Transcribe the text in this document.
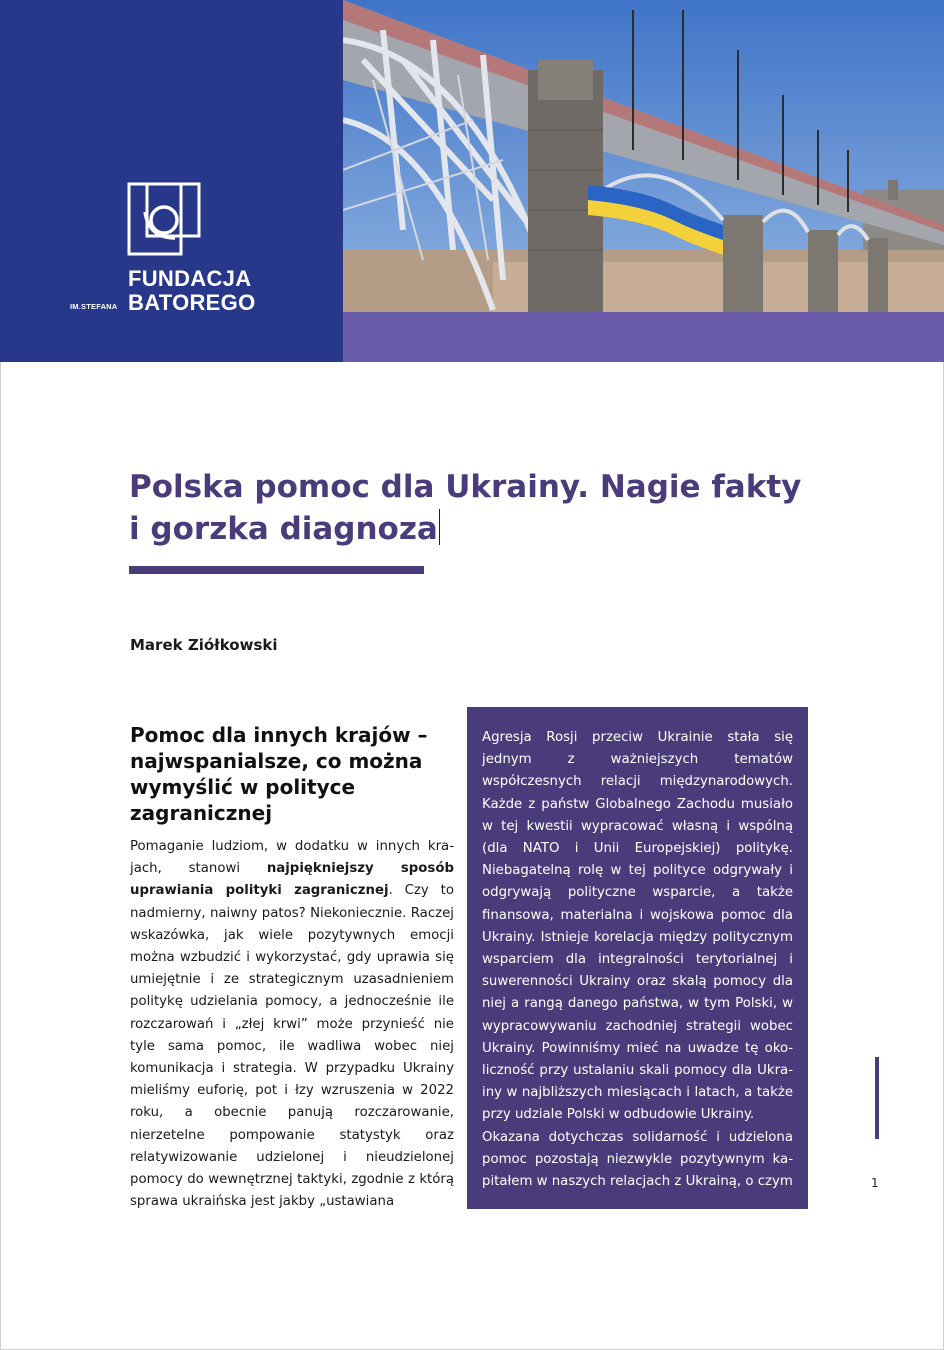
FUNDACJA
IM.STEFANA BATOREGO
Polska pomoc dla Ukrainy. Nagie fakty
i gorzka diagnoza
Marek Ziółkowski
Pomoc dla innych krajów – najwspanialsze, co można wymyślić w polityce zagranicznej

Pomaganie ludziom, w dodatku w innych krajach, stanowi najpiękniejszy sposób uprawiania polityki zagranicznej. Czy to nadmierny, naiwny patos? Niekoniecznie. Raczej wskazówka, jak wiele pozytywnych emocji można wzbudzić i wykorzystać, gdy uprawia się umiejętnie i ze strategicznym uzasadnieniem politykę udzielania pomocy, a jednocześnie ile rozczarowań i „złej krwi” może przynieść nie tyle sama pomoc, ile wadliwa wobec niej komunikacja i strategia. W przypadku Ukrainy mieliśmy euforię, pot i łzy wzruszenia w 2022 roku, a obecnie panują rozczarowanie, nierzetelne pompowanie statystyk oraz relatywizowanie udzielonej i nieudzielonej pomocy do wewnętrznej taktyki, zgodnie z którą sprawa ukraińska jest jakby „ustawiana

Agresja Rosji przeciw Ukrainie stała się jednym z ważniejszych tematów współczesnych relacji międzynarodowych. Każde z państw Globalnego Zachodu musiało w tej kwestii wypracować własną i wspólną (dla NATO i Unii Europejskiej) politykę. Niebagatelną rolę w tej polityce odgrywały i odgrywają polityczne wsparcie, a także finansowa, materialna i wojskowa pomoc dla Ukrainy. Istnieje korelacja między politycznym wsparciem dla integralności terytorialnej i suwerenności Ukrainy oraz skalą pomocy dla niej a rangą danego państwa, w tym Polski, w wypracowywaniu zachodniej strategii wobec Ukrainy. Powinniśmy mieć na uwadze tę okoliczność przy ustalaniu skali pomocy dla Ukrainy w najbliższych miesiącach i latach, a także przy udziale Polski w odbudowie Ukrainy.

Okazana dotychczas solidarność i udzielona pomoc pozostają niezwykle pozytywnym kapitałem w naszych relacjach z Ukrainą, o czym	1
